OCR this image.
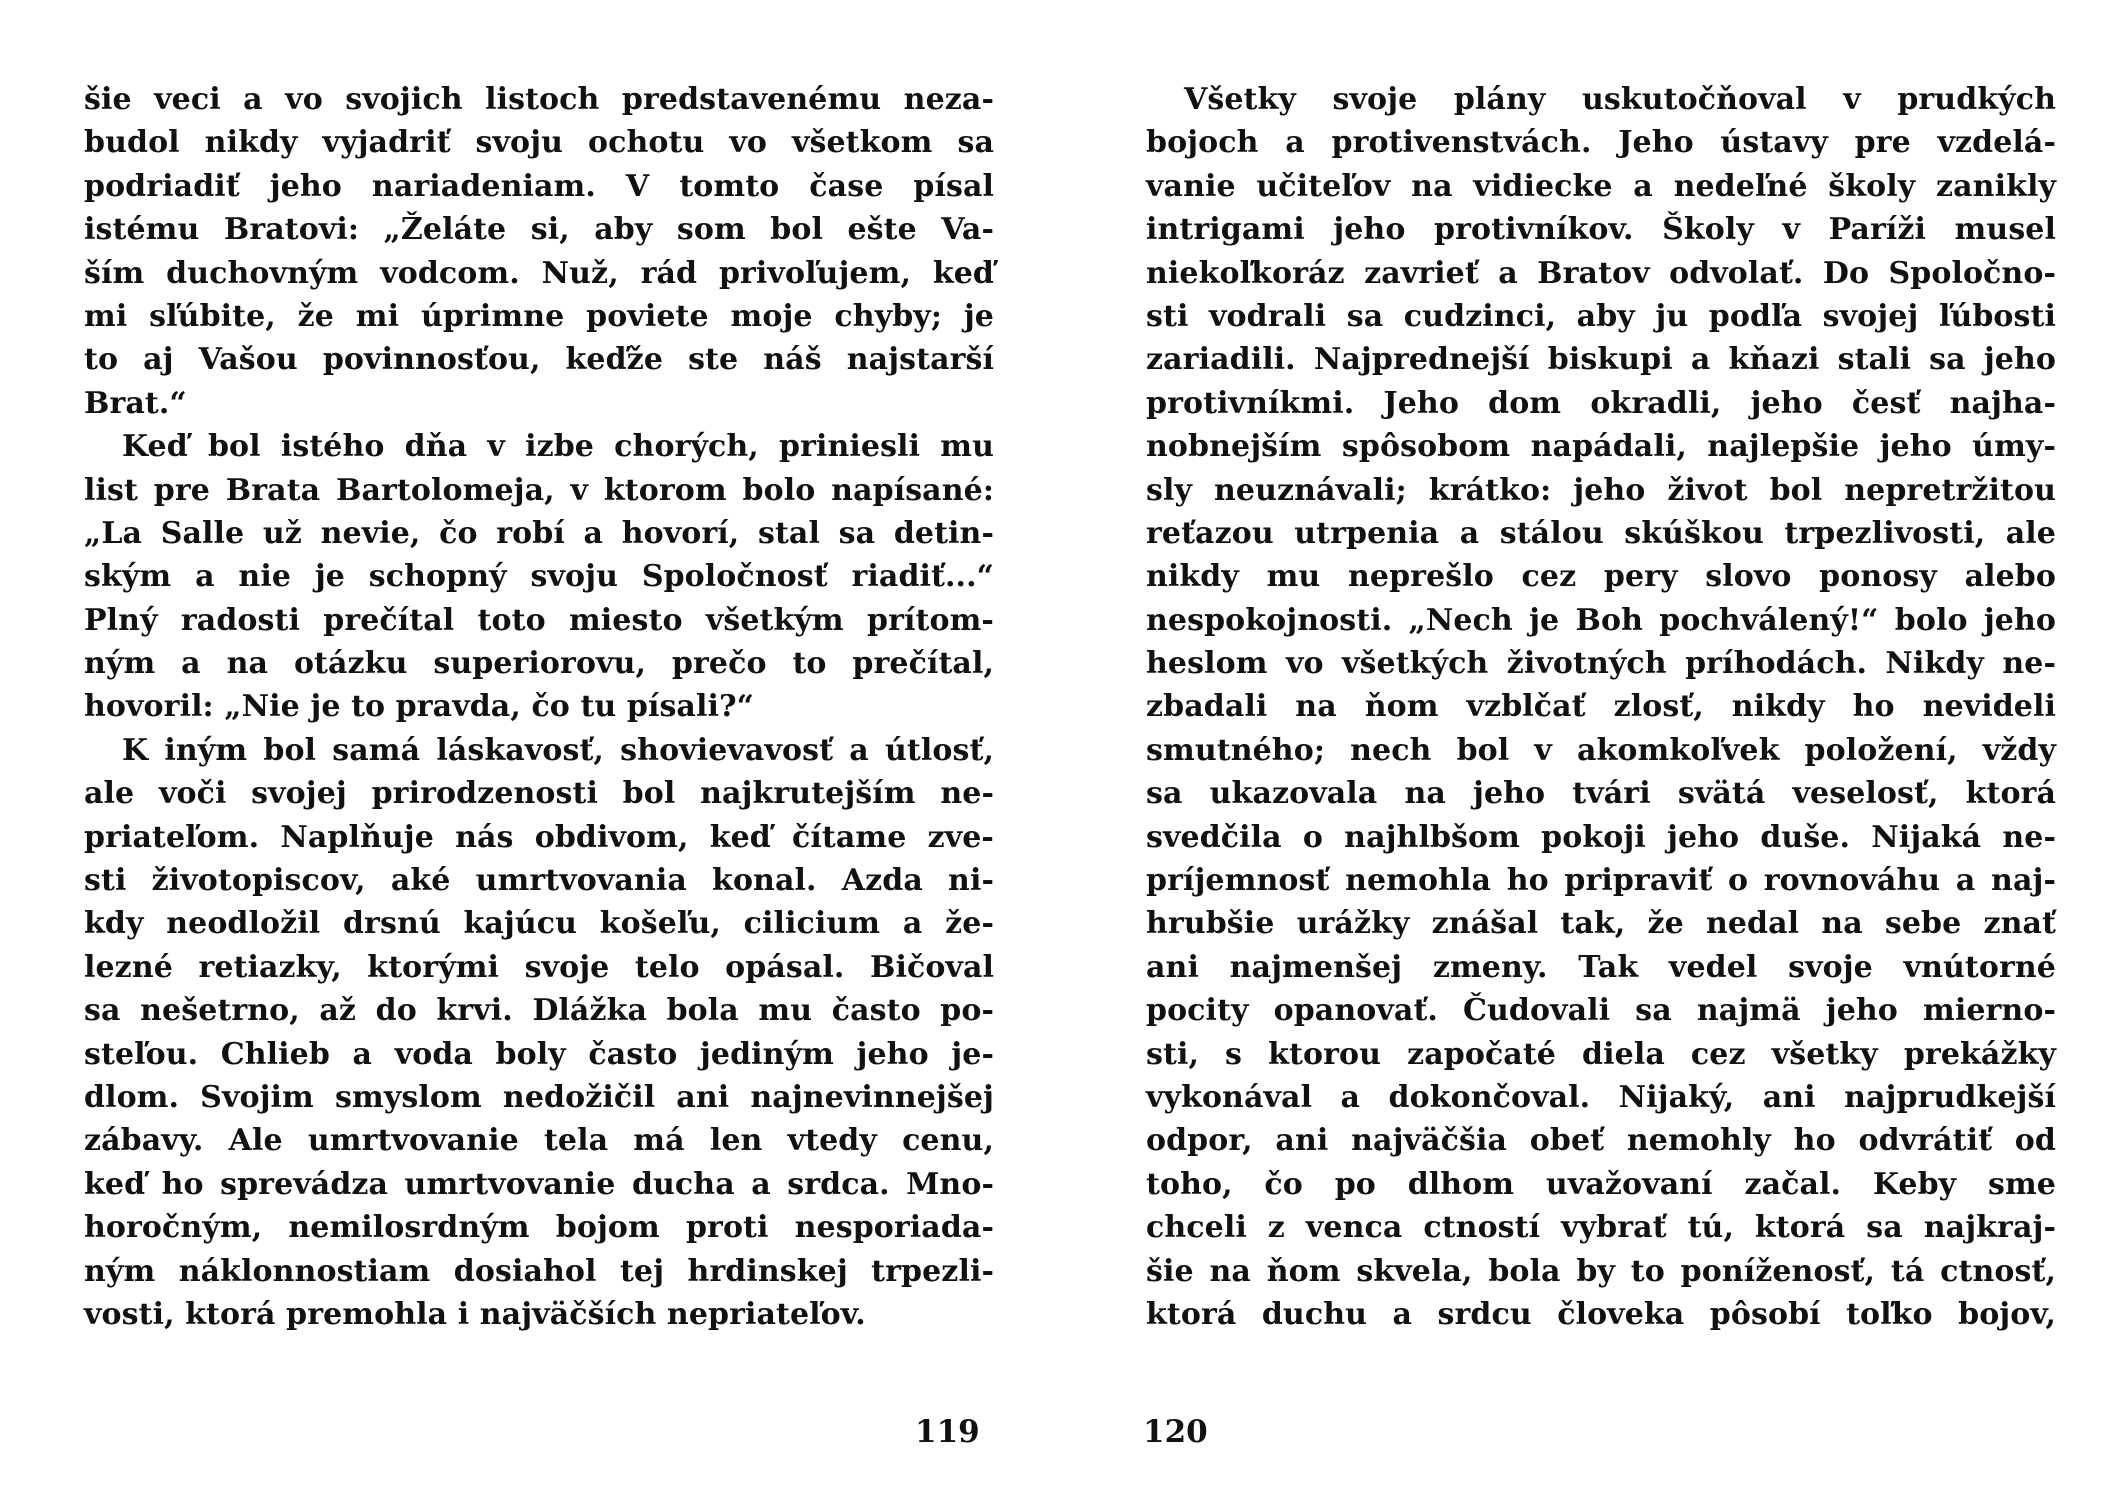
šie veci a vo svojich listoch predstavenému neza-
budol nikdy vyjadriť svoju ochotu vo všetkom sa
podriadiť jeho nariadeniam. V tomto čase písal
istému Bratovi: „Želáte si, aby som bol ešte Va-
ším duchovným vodcom. Nuž, rád privoľujem, keď
mi sľúbite, že mi úprimne poviete moje chyby; je
to aj Vašou povinnosťou, keďže ste náš najstarší
Brat.“
Keď bol istého dňa v izbe chorých, priniesli mu
list pre Brata Bartolomeja, v ktorom bolo napísané:
„La Salle už nevie, čo robí a hovorí, stal sa detin-
ským a nie je schopný svoju Spoločnosť riadiť...“
Plný radosti prečítal toto miesto všetkým prítom-
ným a na otázku superiorovu, prečo to prečítal,
hovoril: „Nie je to pravda, čo tu písali?“
K iným bol samá láskavosť, shovievavosť a útlosť,
ale voči svojej prirodzenosti bol najkrutejším ne-
priateľom. Naplňuje nás obdivom, keď čítame zve-
sti životopiscov, aké umrtvovania konal. Azda ni-
kdy neodložil drsnú kajúcu košeľu, cilicium a že-
lezné retiazky, ktorými svoje telo opásal. Bičoval
sa nešetrno, až do krvi. Dlážka bola mu často po-
steľou. Chlieb a voda boly často jediným jeho je-
dlom. Svojim smyslom nedožičil ani najnevinnejšej
zábavy. Ale umrtvovanie tela má len vtedy cenu,
keď ho sprevádza umrtvovanie ducha a srdca. Mno-
horočným, nemilosrdným bojom proti nesporiada-
ným náklonnostiam dosiahol tej hrdinskej trpezli-
vosti, ktorá premohla i najväčších nepriateľov.
119
Všetky svoje plány uskutočňoval v prudkých
bojoch a protivenstvách. Jeho ústavy pre vzdelá-
vanie učiteľov na vidiecke a nedeľné školy zanikly
intrigami jeho protivníkov. Školy v Paríži musel
niekoľkoráz zavrieť a Bratov odvolať. Do Spoločno-
sti vodrali sa cudzinci, aby ju podľa svojej ľúbosti
zariadili. Najprednejší biskupi a kňazi stali sa jeho
protivníkmi. Jeho dom okradli, jeho česť najha-
nobnejším spôsobom napádali, najlepšie jeho úmy-
sly neuznávali; krátko: jeho život bol nepretržitou
reťazou utrpenia a stálou skúškou trpezlivosti, ale
nikdy mu neprešlo cez pery slovo ponosy alebo
nespokojnosti. „Nech je Boh pochválený!“ bolo jeho
heslom vo všetkých životných príhodách. Nikdy ne-
zbadali na ňom vzblčať zlosť, nikdy ho nevideli
smutného; nech bol v akomkoľvek položení, vždy
sa ukazovala na jeho tvári svätá veselosť, ktorá
svedčila o najhlbšom pokoji jeho duše. Nijaká ne-
príjemnosť nemohla ho pripraviť o rovnováhu a naj-
hrubšie urážky znášal tak, že nedal na sebe znať
ani najmenšej zmeny. Tak vedel svoje vnútorné
pocity opanovať. Čudovali sa najmä jeho mierno-
sti, s ktorou započaté diela cez všetky prekážky
vykonával a dokončoval. Nijaký, ani najprudkejší
odpor, ani najväčšia obeť nemohly ho odvrátiť od
toho, čo po dlhom uvažovaní začal. Keby sme
chceli z venca ctností vybrať tú, ktorá sa najkraj-
šie na ňom skvela, bola by to poníženosť, tá ctnosť,
ktorá duchu a srdcu človeka pôsobí toľko bojov,
120
